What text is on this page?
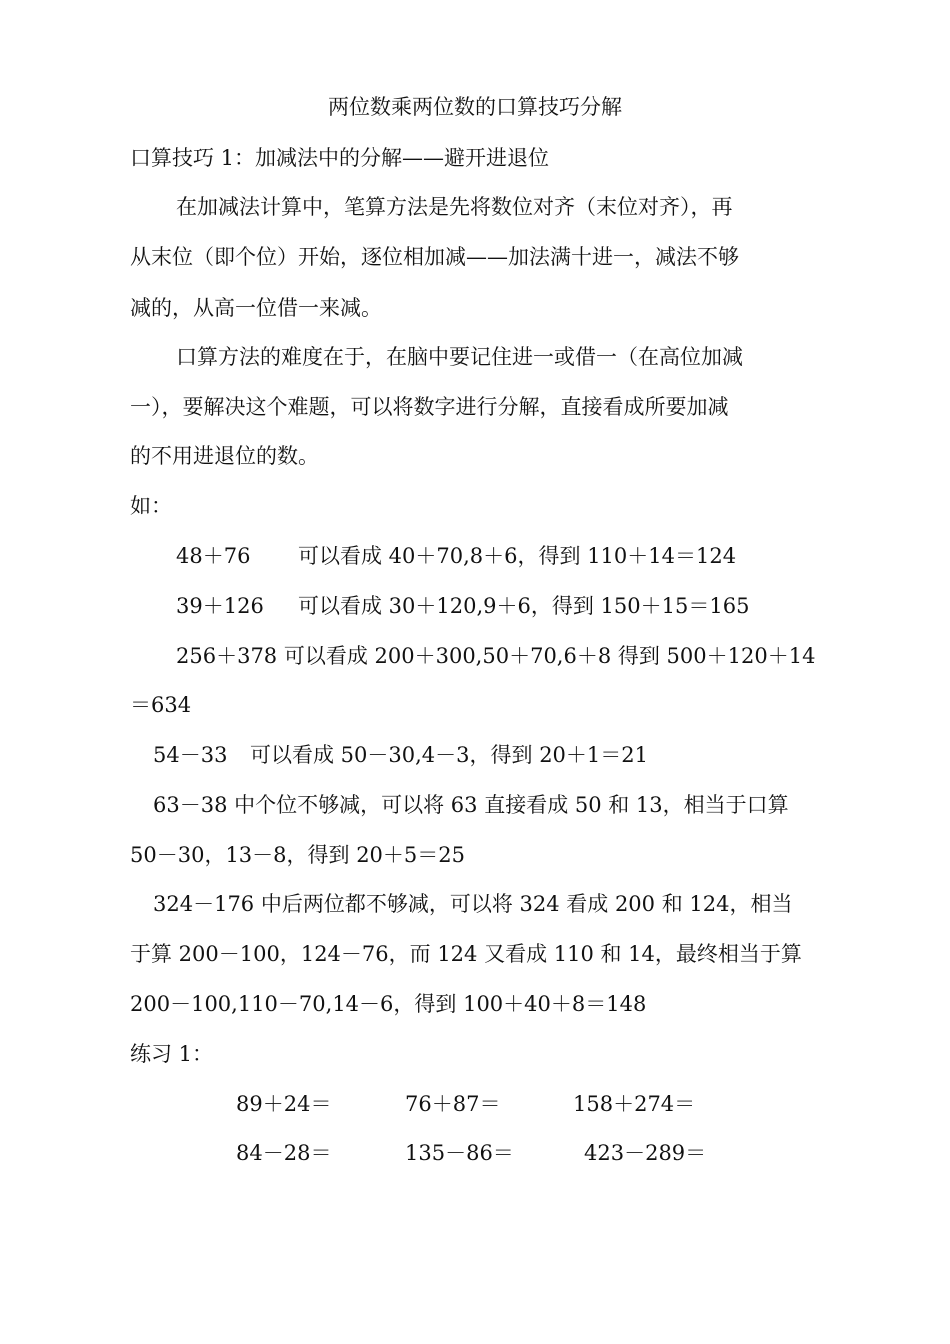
两位数乘两位数的口算技巧分解
口算技巧 1：加减法中的分解——避开进退位
在加减法计算中，笔算方法是先将数位对齐（末位对齐），再
从末位（即个位）开始，逐位相加减——加法满十进一，减法不够
减的，从高一位借一来减。
口算方法的难度在于，在脑中要记住进一或借一（在高位加减
一），要解决这个难题，可以将数字进行分解，直接看成所要加减
的不用进退位的数。
如：
48＋76 可以看成 40＋70,8＋6，得到 110＋14＝124
39＋126 可以看成 30＋120,9＋6，得到 150＋15＝165
256＋378 可以看成 200＋300,50＋70,6＋8 得到 500＋120＋14
＝634
54－33 可以看成 50－30,4－3，得到 20＋1＝21
63－38 中个位不够减，可以将 63 直接看成 50 和 13，相当于口算
50－30，13－8，得到 20＋5＝25
324－176 中后两位都不够减，可以将 324 看成 200 和 124，相当
于算 200－100，124－76，而 124 又看成 110 和 14，最终相当于算
200－100,110－70,14－6，得到 100＋40＋8＝148
练习 1：
89＋24＝	76＋87＝	158＋274＝
84－28＝	135－86＝	423－289＝
